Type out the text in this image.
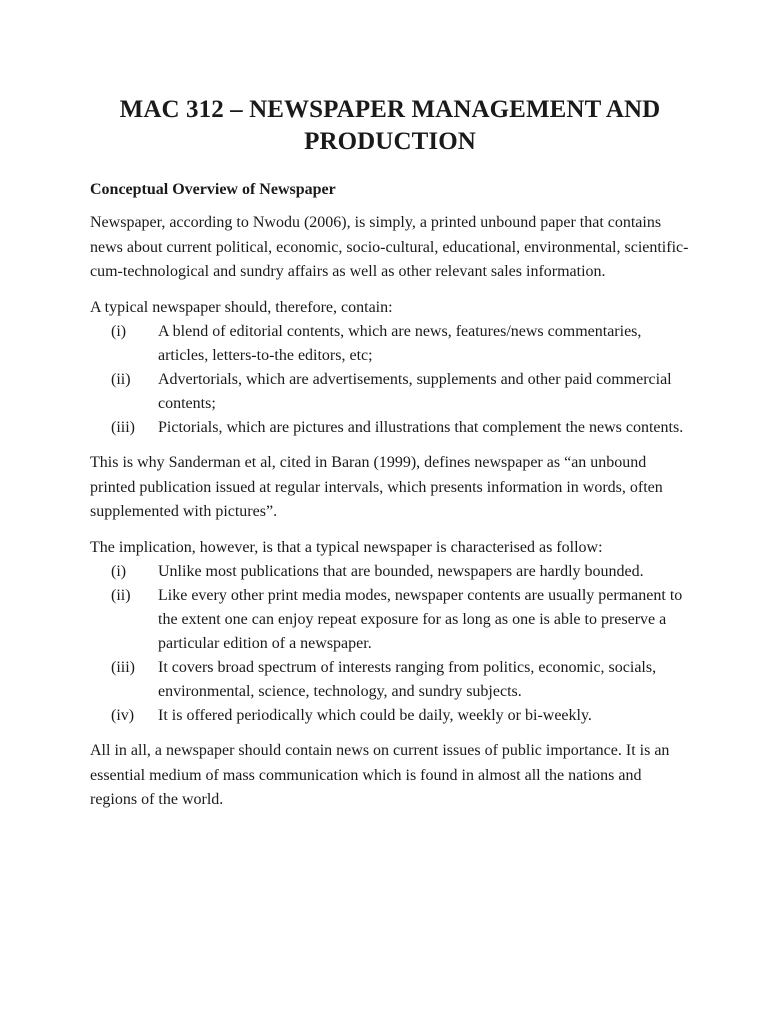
MAC 312 – NEWSPAPER MANAGEMENT AND
PRODUCTION

Conceptual Overview of Newspaper

Newspaper, according to Nwodu (2006), is simply, a printed unbound paper that contains news about current political, economic, socio-cultural, educational, environmental, scientific-cum-technological and sundry affairs as well as other relevant sales information.

A typical newspaper should, therefore, contain:

(i)	A blend of editorial contents, which are news, features/news commentaries, articles, letters-to-the editors, etc;
(ii)	Advertorials, which are advertisements, supplements and other paid commercial contents;
(iii)	Pictorials, which are pictures and illustrations that complement the news contents.

This is why Sanderman et al, cited in Baran (1999), defines newspaper as “an unbound printed publication issued at regular intervals, which presents information in words, often supplemented with pictures”.

The implication, however, is that a typical newspaper is characterised as follow:

(i)	Unlike most publications that are bounded, newspapers are hardly bounded.
(ii)	Like every other print media modes, newspaper contents are usually permanent to the extent one can enjoy repeat exposure for as long as one is able to preserve a particular edition of a newspaper.
(iii)	It covers broad spectrum of interests ranging from politics, economic, socials, environmental, science, technology, and sundry subjects.
(iv)	It is offered periodically which could be daily, weekly or bi-weekly.

All in all, a newspaper should contain news on current issues of public importance. It is an essential medium of mass communication which is found in almost all the nations and regions of the world.
